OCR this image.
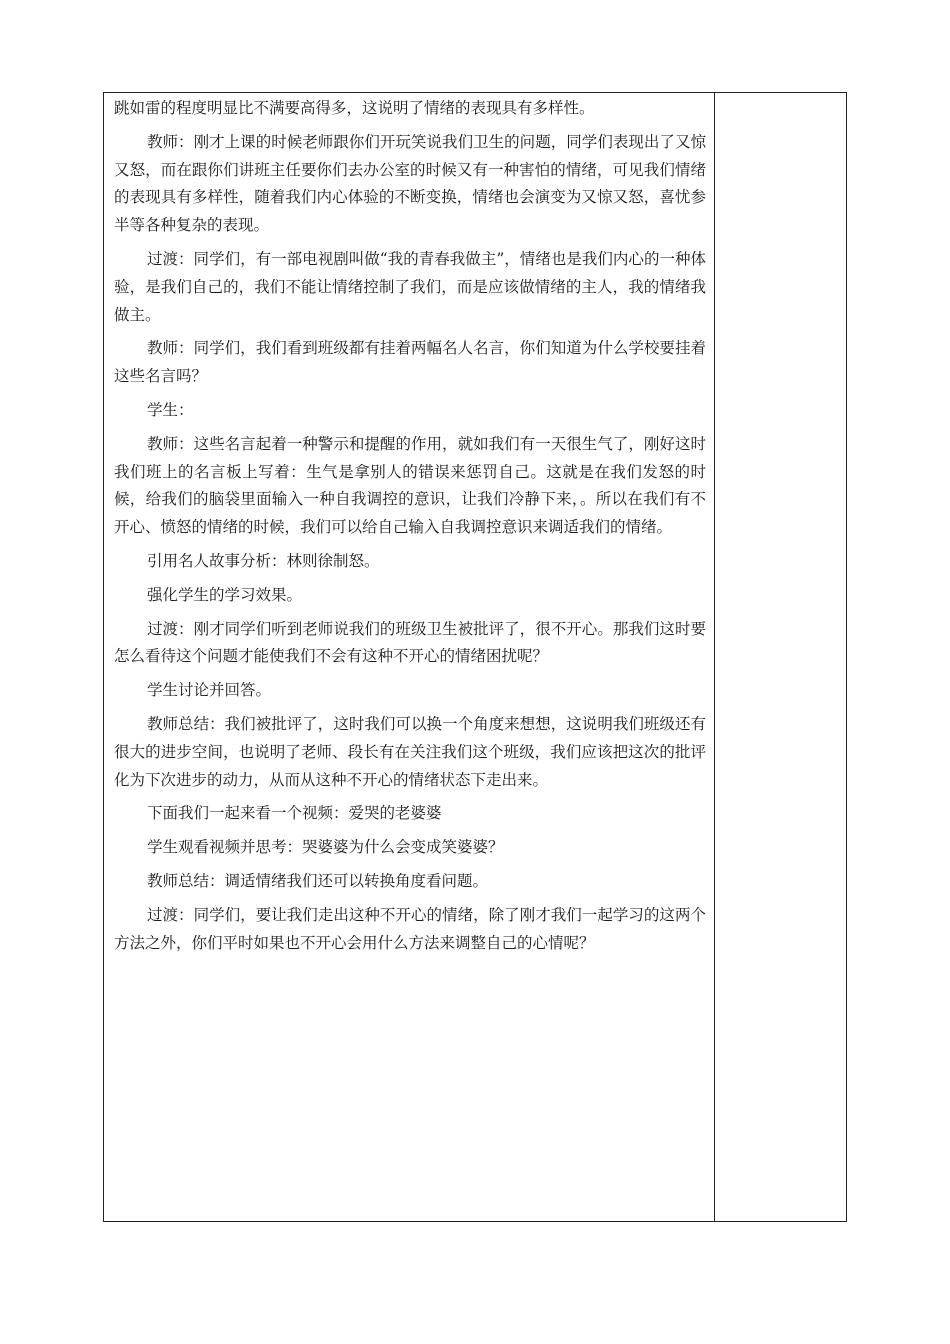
跳如雷的程度明显比不满要高得多，这说明了情绪的表现具有多样性。

教师：刚才上课的时候老师跟你们开玩笑说我们卫生的问题，同学们表现出了又惊又怒，而在跟你们讲班主任要你们去办公室的时候又有一种害怕的情绪，可见我们情绪的表现具有多样性，随着我们内心体验的不断变换，情绪也会演变为又惊又怒，喜忧参半等各种复杂的表现。

过渡：同学们，有一部电视剧叫做“我的青春我做主”，情绪也是我们内心的一种体验，是我们自己的，我们不能让情绪控制了我们，而是应该做情绪的主人，我的情绪我做主。

教师：同学们，我们看到班级都有挂着两幅名人名言，你们知道为什么学校要挂着这些名言吗？

学生：

教师：这些名言起着一种警示和提醒的作用，就如我们有一天很生气了，刚好这时我们班上的名言板上写着：生气是拿别人的错误来惩罚自己。这就是在我们发怒的时候，给我们的脑袋里面输入一种自我调控的意识，让我们冷静下来，。所以在我们有不开心、愤怒的情绪的时候，我们可以给自己输入自我调控意识来调适我们的情绪。

引用名人故事分析：林则徐制怒。

强化学生的学习效果。

过渡：刚才同学们听到老师说我们的班级卫生被批评了，很不开心。那我们这时要怎么看待这个问题才能使我们不会有这种不开心的情绪困扰呢？

学生讨论并回答。

教师总结：我们被批评了，这时我们可以换一个角度来想想，这说明我们班级还有很大的进步空间，也说明了老师、段长有在关注我们这个班级，我们应该把这次的批评化为下次进步的动力，从而从这种不开心的情绪状态下走出来。

下面我们一起来看一个视频：爱哭的老婆婆

学生观看视频并思考：哭婆婆为什么会变成笑婆婆？

教师总结：调适情绪我们还可以转换角度看问题。

过渡：同学们，要让我们走出这种不开心的情绪，除了刚才我们一起学习的这两个方法之外，你们平时如果也不开心会用什么方法来调整自己的心情呢？
